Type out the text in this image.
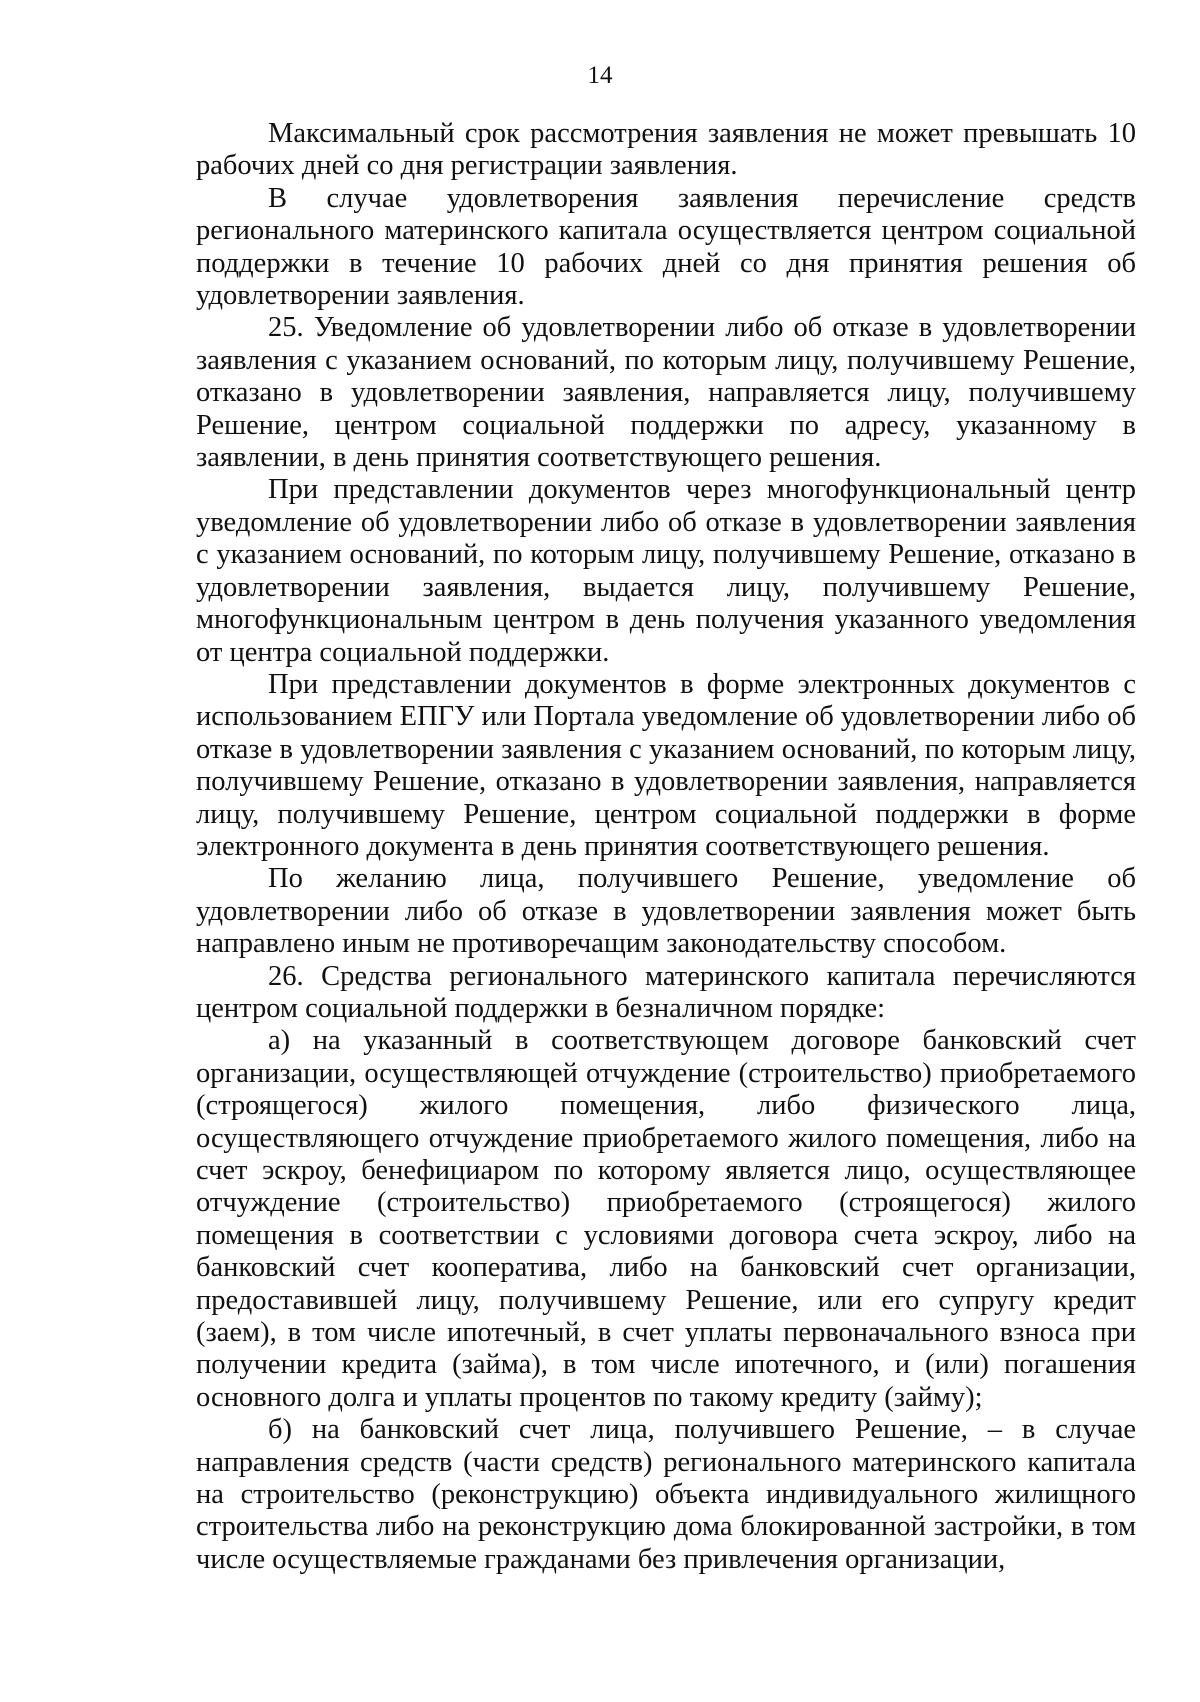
14

Максимальный срок рассмотрения заявления не может превышать 10 рабочих дней со дня регистрации заявления.

В случае удовлетворения заявления перечисление средств регионального материнского капитала осуществляется центром социальной поддержки в течение 10 рабочих дней со дня принятия решения об удовлетворении заявления.

25. Уведомление об удовлетворении либо об отказе в удовлетворении заявления с указанием оснований, по которым лицу, получившему Решение, отказано в удовлетворении заявления, направляется лицу, получившему Решение, центром социальной поддержки по адресу, указанному в заявлении, в день принятия соответствующего решения.

При представлении документов через многофункциональный центр уведомление об удовлетворении либо об отказе в удовлетворении заявления с указанием оснований, по которым лицу, получившему Решение, отказано в удовлетворении заявления, выдается лицу, получившему Решение, многофункциональным центром в день получения указанного уведомления от центра социальной поддержки.

При представлении документов в форме электронных документов с использованием ЕПГУ или Портала уведомление об удовлетворении либо об отказе в удовлетворении заявления с указанием оснований, по которым лицу, получившему Решение, отказано в удовлетворении заявления, направляется лицу, получившему Решение, центром социальной поддержки в форме электронного документа в день принятия соответствующего решения.

По желанию лица, получившего Решение, уведомление об удовлетворении либо об отказе в удовлетворении заявления может быть направлено иным не противоречащим законодательству способом.

26. Средства регионального материнского капитала перечисляются центром социальной поддержки в безналичном порядке:

а) на указанный в соответствующем договоре банковский счет организации, осуществляющей отчуждение (строительство) приобретаемого (строящегося) жилого помещения, либо физического лица, осуществляющего отчуждение приобретаемого жилого помещения, либо на счет эскроу, бенефициаром по которому является лицо, осуществляющее отчуждение (строительство) приобретаемого (строящегося) жилого помещения в соответствии с условиями договора счета эскроу, либо на банковский счет кооператива, либо на банковский счет организации, предоставившей лицу, получившему Решение, или его супругу кредит (заем), в том числе ипотечный, в счет уплаты первоначального взноса при получении кредита (займа), в том числе ипотечного, и (или) погашения основного долга и уплаты процентов по такому кредиту (займу);

б) на банковский счет лица, получившего Решение, – в случае направления средств (части средств) регионального материнского капитала на строительство (реконструкцию) объекта индивидуального жилищного строительства либо на реконструкцию дома блокированной застройки, в том числе осуществляемые гражданами без привлечения организации,
